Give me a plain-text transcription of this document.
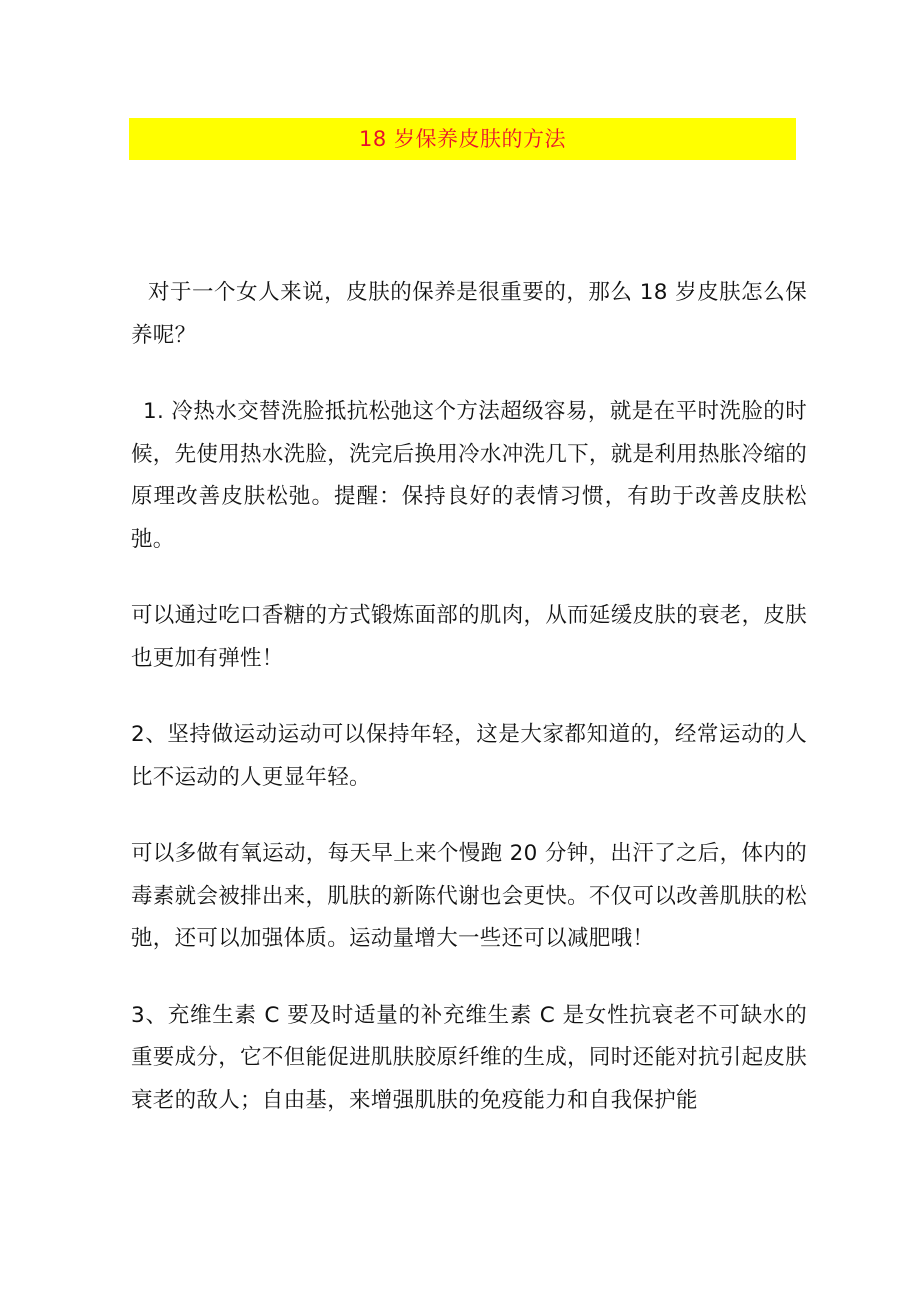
18 岁保养皮肤的方法

对于一个女人来说，皮肤的保养是很重要的，那么 18 岁皮肤怎么保养呢？

1. 冷热水交替洗脸抵抗松弛这个方法超级容易，就是在平时洗脸的时候，先使用热水洗脸，洗完后换用冷水冲洗几下，就是利用热胀冷缩的原理改善皮肤松弛。提醒：保持良好的表情习惯，有助于改善皮肤松弛。

可以通过吃口香糖的方式锻炼面部的肌肉，从而延缓皮肤的衰老，皮肤也更加有弹性！

2、坚持做运动运动可以保持年轻，这是大家都知道的，经常运动的人比不运动的人更显年轻。

可以多做有氧运动，每天早上来个慢跑 20 分钟，出汗了之后，体内的毒素就会被排出来，肌肤的新陈代谢也会更快。不仅可以改善肌肤的松弛，还可以加强体质。运动量增大一些还可以减肥哦！

3、充维生素 C 要及时适量的补充维生素 C 是女性抗衰老不可缺水的重要成分，它不但能促进肌肤胶原纤维的生成，同时还能对抗引起皮肤衰老的敌人；自由基，来增强肌肤的免疫能力和自我保护能
